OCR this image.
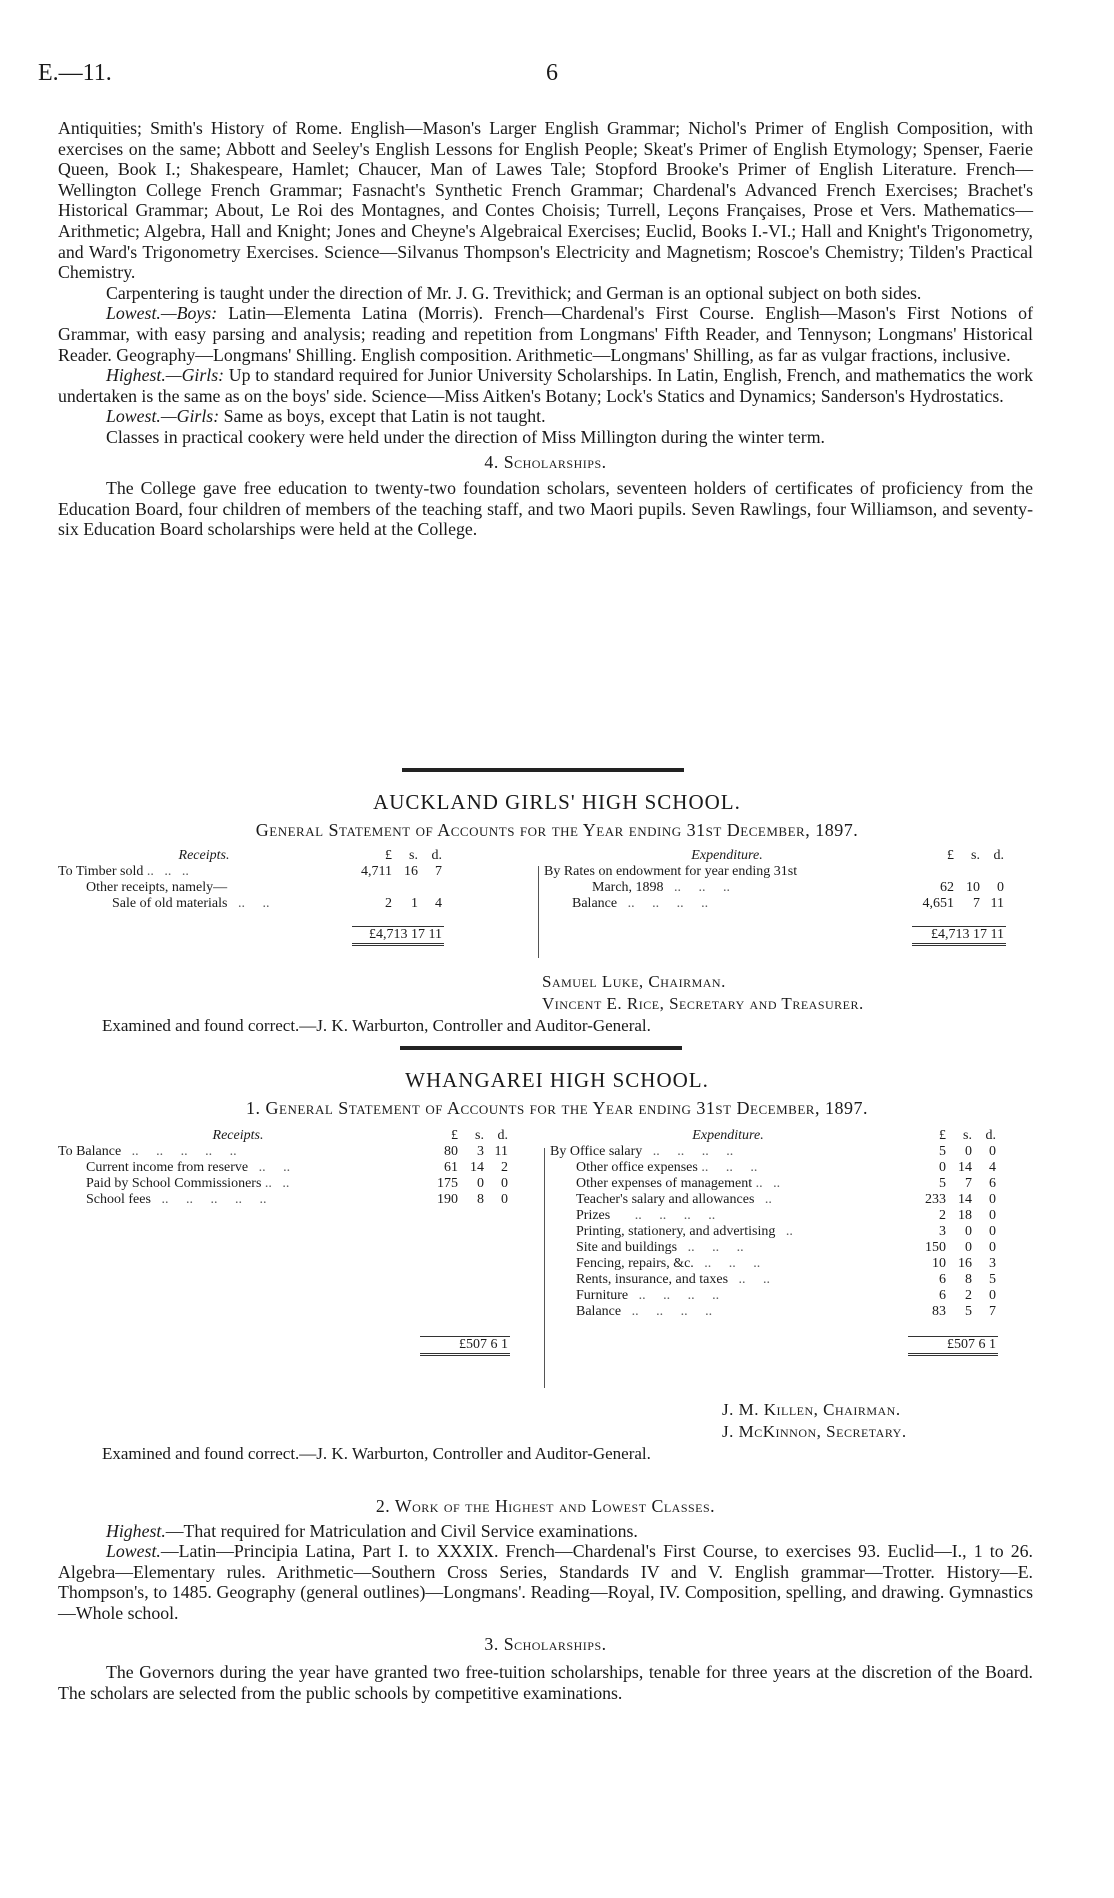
E.—11.	6

Antiquities; Smith's History of Rome. English—Mason's Larger English Grammar; Nichol's Primer of English Composition, with exercises on the same; Abbott and Seeley's English Lessons for English People; Skeat's Primer of English Etymology; Spenser, Faerie Queen, Book I.; Shakespeare, Hamlet; Chaucer, Man of Lawes Tale; Stopford Brooke's Primer of English Literature. French—Wellington College French Grammar; Fasnacht's Synthetic French Grammar; Chardenal's Advanced French Exercises; Brachet's Historical Grammar; About, Le Roi des Montagnes, and Contes Choisis; Turrell, Leçons Françaises, Prose et Vers. Mathematics—Arithmetic; Algebra, Hall and Knight; Jones and Cheyne's Algebraical Exercises; Euclid, Books I.-VI.; Hall and Knight's Trigonometry, and Ward's Trigonometry Exercises. Science—Silvanus Thompson's Electricity and Magnetism; Roscoe's Chemistry; Tilden's Practical Chemistry.

Carpentering is taught under the direction of Mr. J. G. Trevithick; and German is an optional subject on both sides.

Lowest.—Boys: Latin—Elementa Latina (Morris). French—Chardenal's First Course. English—Mason's First Notions of Grammar, with easy parsing and analysis; reading and repetition from Longmans' Fifth Reader, and Tennyson; Longmans' Historical Reader. Geography—Longmans' Shilling. English composition. Arithmetic—Longmans' Shilling, as far as vulgar fractions, inclusive.

Highest.—Girls: Up to standard required for Junior University Scholarships. In Latin, English, French, and mathematics the work undertaken is the same as on the boys' side. Science—Miss Aitken's Botany; Lock's Statics and Dynamics; Sanderson's Hydrostatics.

Lowest.—Girls: Same as boys, except that Latin is not taught.

Classes in practical cookery were held under the direction of Miss Millington during the winter term.

4. Scholarships.

The College gave free education to twenty-two foundation scholars, seventeen holders of certificates of proficiency from the Education Board, four children of members of the teaching staff, and two Maori pupils. Seven Rawlings, four Williamson, and seventy-six Education Board scholarships were held at the College.

AUCKLAND GIRLS' HIGH SCHOOL.
General Statement of Accounts for the Year ending 31st December, 1897.
Receipts.	£	s.	d.
To Timber sold ..   ..   ..	4,711	16	7
Other receipts, namely—			
Sale of old materials   ..     ..	2	1	4

	£4,713 17 11		
Expenditure.	£	s.	d.
By Rates on endowment for year ending 31st			
March, 1898   ..     ..     ..	62	10	0
Balance   ..     ..     ..     ..	4,651	7	11

	£4,713 17 11		
Samuel Luke, Chairman.
Vincent E. Rice, Secretary and Treasurer.
Examined and found correct.—J. K. Warburton, Controller and Auditor-General.
WHANGAREI HIGH SCHOOL.
1. General Statement of Accounts for the Year ending 31st December, 1897.
Receipts.	£	s.	d.
To Balance   ..     ..     ..     ..     ..	80	3	11
Current income from reserve   ..     ..	61	14	2
Paid by School Commissioners ..   ..	175	0	0
School fees   ..     ..     ..     ..     ..	190	8	0

	£507 6 1		
Expenditure.	£	s.	d.
By Office salary   ..     ..     ..     ..	5	0	0
Other office expenses ..     ..     ..	0	14	4
Other expenses of management ..   ..	5	7	6
Teacher's salary and allowances   ..	233	14	0
Prizes       ..     ..     ..     ..	2	18	0
Printing, stationery, and advertising   ..	3	0	0
Site and buildings   ..     ..     ..	150	0	0
Fencing, repairs, &c.   ..     ..     ..	10	16	3
Rents, insurance, and taxes   ..     ..	6	8	5
Furniture   ..     ..     ..     ..	6	2	0
Balance   ..     ..     ..     ..	83	5	7

	£507 6 1		
J. M. Killen, Chairman.
J. McKinnon, Secretary.
Examined and found correct.—J. K. Warburton, Controller and Auditor-General.

2. Work of the Highest and Lowest Classes.

Highest.—That required for Matriculation and Civil Service examinations.

Lowest.—Latin—Principia Latina, Part I. to XXXIX. French—Chardenal's First Course, to exercises 93. Euclid—I., 1 to 26. Algebra—Elementary rules. Arithmetic—Southern Cross Series, Standards IV and V. English grammar—Trotter. History—E. Thompson's, to 1485. Geography (general outlines)—Longmans'. Reading—Royal, IV. Composition, spelling, and drawing. Gymnastics—Whole school.

3. Scholarships.

The Governors during the year have granted two free-tuition scholarships, tenable for three years at the discretion of the Board. The scholars are selected from the public schools by competitive examinations.
